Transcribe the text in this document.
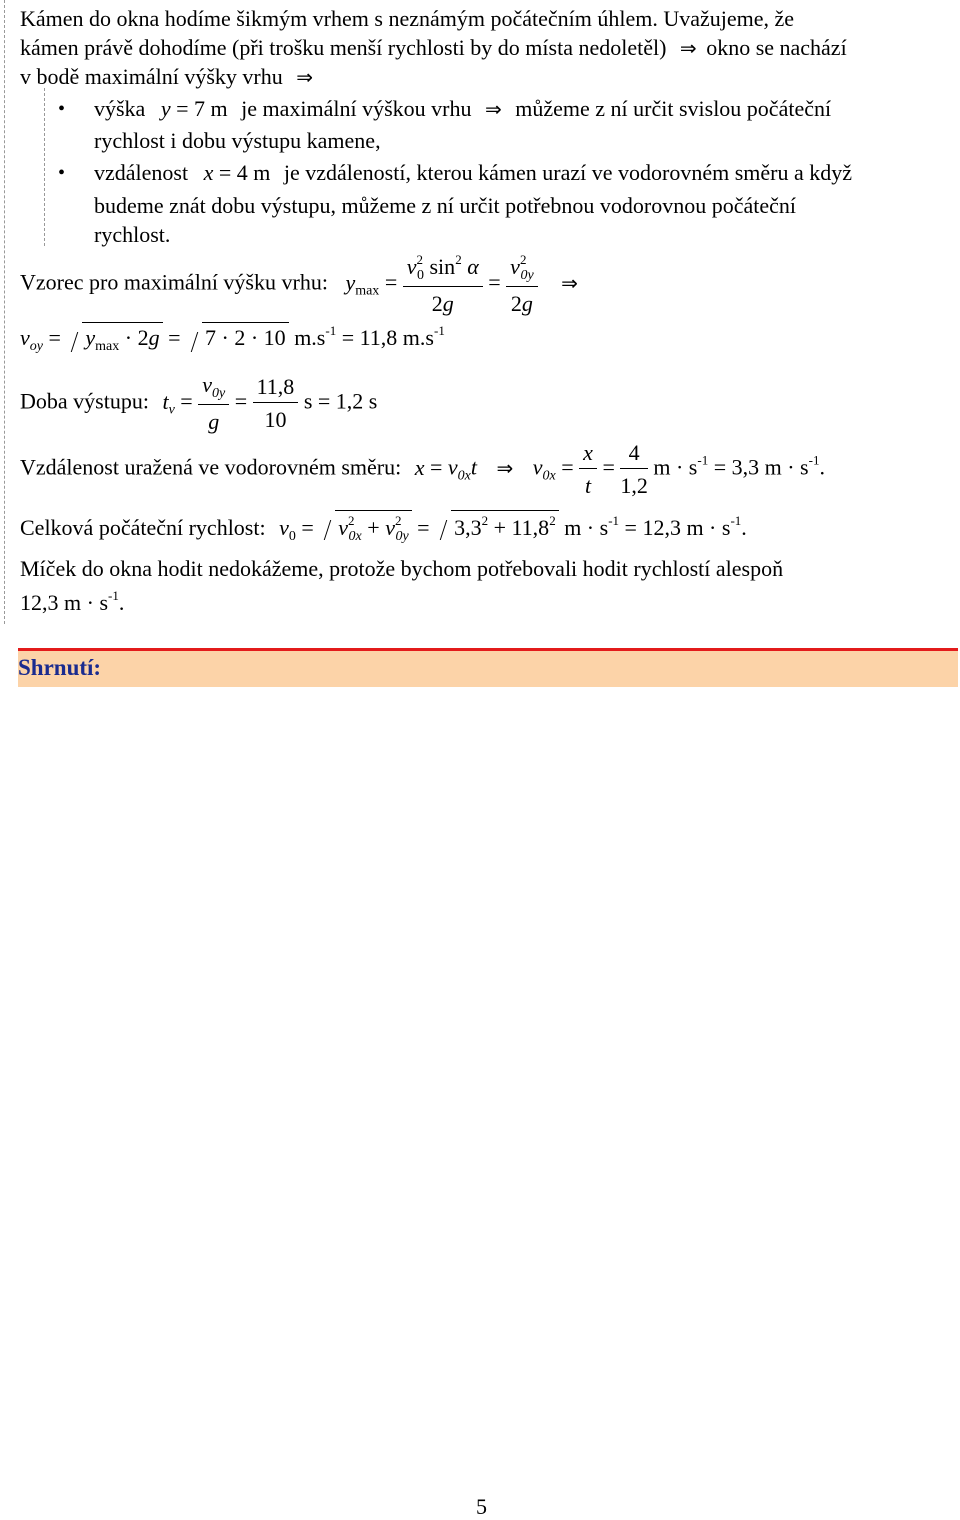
Kámen do okna hodíme šikmým vrhem s neznámým počátečním úhlem. Uvažujeme, že
kámen právě dohodíme (při trošku menší rychlosti by do místa nedoletěl) ⇒ okno se nachází
v bodě maximální výšky vrhu ⇒
• výška y = 7 m je maximální výškou vrhu ⇒ můžeme z ní určit svislou počáteční
rychlost i dobu výstupu kamene,
• vzdálenost x = 4 m je vzdáleností, kterou kámen urazí ve vodorovném směru a když
budeme znát dobu výstupu, můžeme z ní určit potřebnou vodorovnou počáteční
rychlost.
Vzorec pro maximální výšku vrhu: $y_{max} = \frac{v^2_0 \sin^2 \alpha}{2g} = \frac{v^2_{0y}}{2g}$ ⇒
$v_{oy} = y_{max} \cdot 2g = 7 \cdot 2 \cdot 10$ $m.s^{-1} = 11,8$ $m.s^{-1}$
Doba výstupu: $t_v = \frac{v_{0y}}{g} = \frac{11,8}{10}$ s = 1,2 s
Vzdálenost uražená ve vodorovném směru: $x = v_{0x}t$ ⇒ $v_{0x} = \frac{x}{t} = \frac{4}{1,2}$ $m \cdot s^{-1} = 3,3$ $m \cdot s^{-1}$.
Celková počáteční rychlost: $v_0 = v^2_{0x} + v^2_{0y} = 3,3^2 + 11,8^2$ $m \cdot s^{-1} = 12,3$ $m \cdot s^{-1}$.
Míček do okna hodit nedokážeme, protože bychom potřebovali hodit rychlostí alespoň
12,3 $m \cdot s^{-1}$.
Shrnutí:
5
